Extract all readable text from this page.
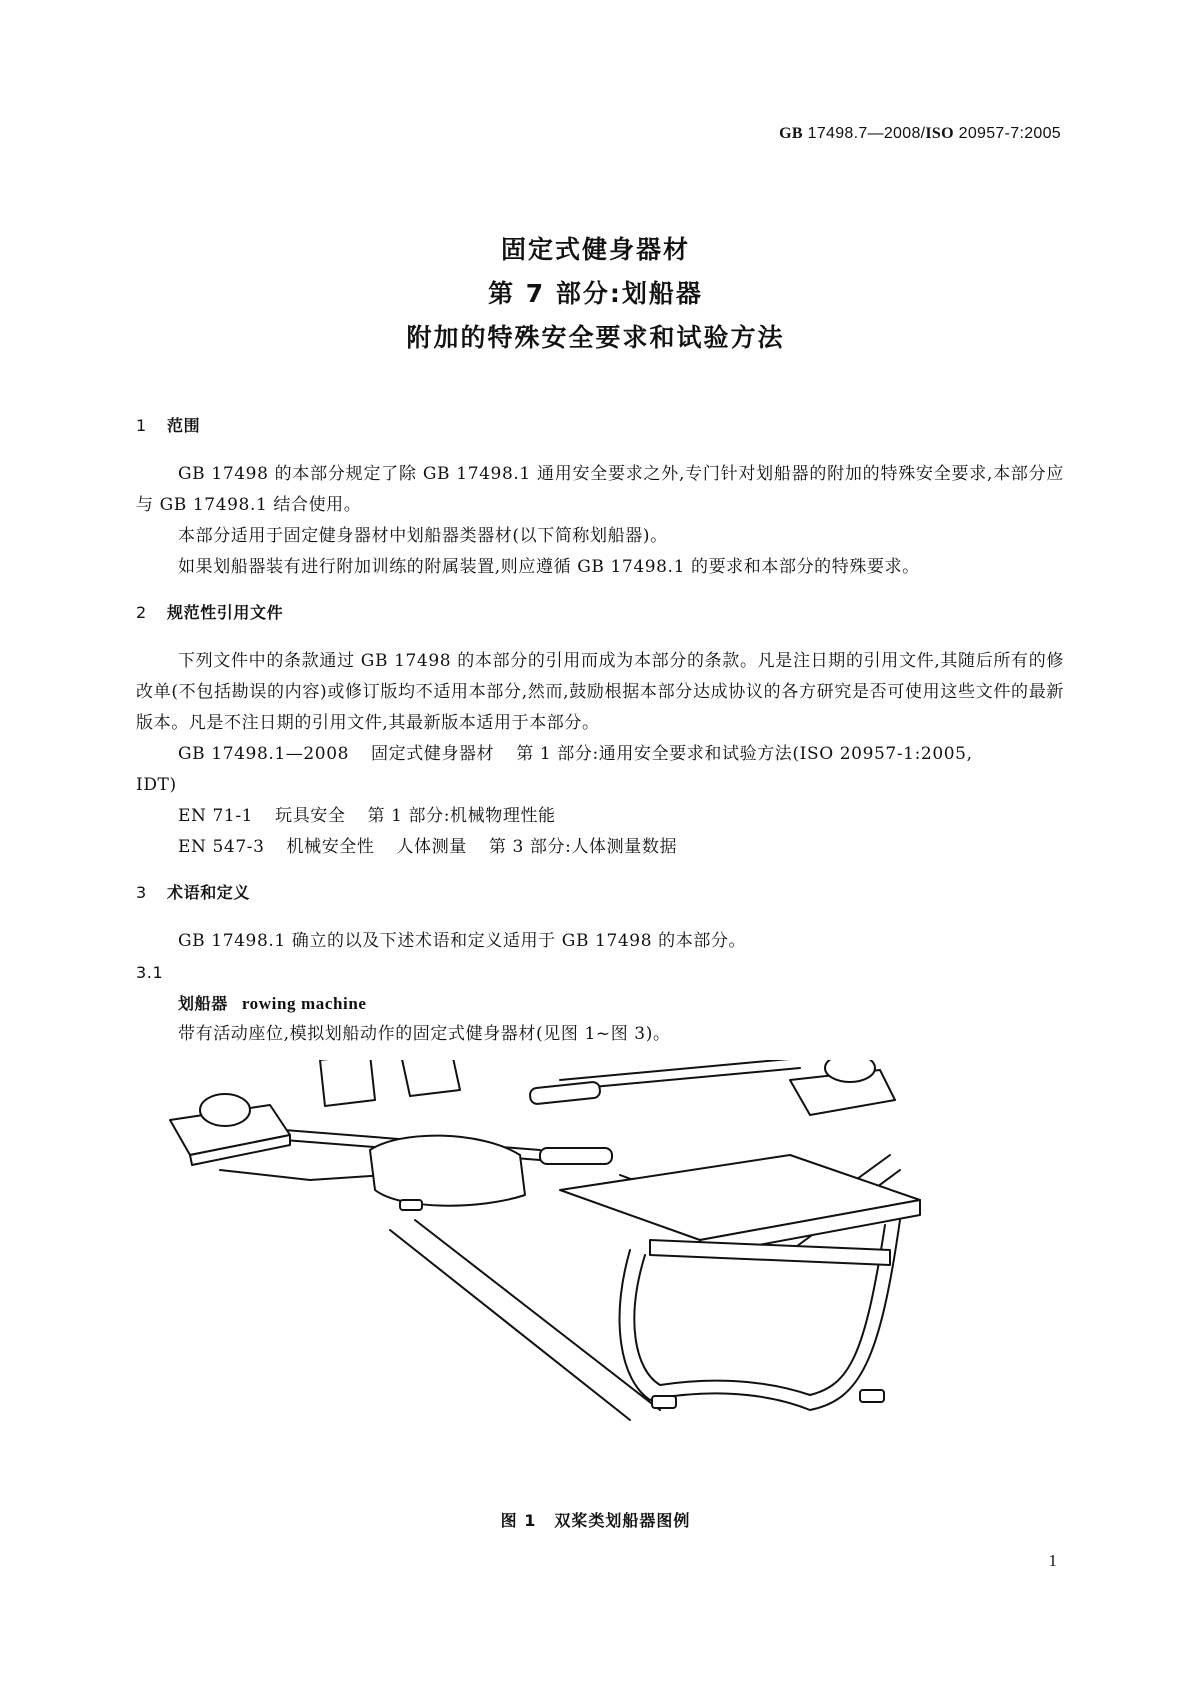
GB 17498.7—2008/ISO 20957-7:2005
固定式健身器材
第 7 部分:划船器
附加的特殊安全要求和试验方法
1 范围

GB 17498 的本部分规定了除 GB 17498.1 通用安全要求之外,专门针对划船器的附加的特殊安全要求,本部分应与 GB 17498.1 结合使用。

本部分适用于固定健身器材中划船器类器材(以下简称划船器)。

如果划船器装有进行附加训练的附属装置,则应遵循 GB 17498.1 的要求和本部分的特殊要求。

2 规范性引用文件

下列文件中的条款通过 GB 17498 的本部分的引用而成为本部分的条款。凡是注日期的引用文件,其随后所有的修改单(不包括勘误的内容)或修订版均不适用本部分,然而,鼓励根据本部分达成协议的各方研究是否可使用这些文件的最新版本。凡是不注日期的引用文件,其最新版本适用于本部分。

GB 17498.1—2008 固定式健身器材 第 1 部分:通用安全要求和试验方法(ISO 20957-1:2005,

IDT)

EN 71-1 玩具安全 第 1 部分:机械物理性能

EN 547-3 机械安全性 人体测量 第 3 部分:人体测量数据

3 术语和定义

GB 17498.1 确立的以及下述术语和定义适用于 GB 17498 的本部分。

3.1

划船器 rowing machine

带有活动座位,模拟划船动作的固定式健身器材(见图 1~图 3)。

图 1 双桨类划船器图例
1
